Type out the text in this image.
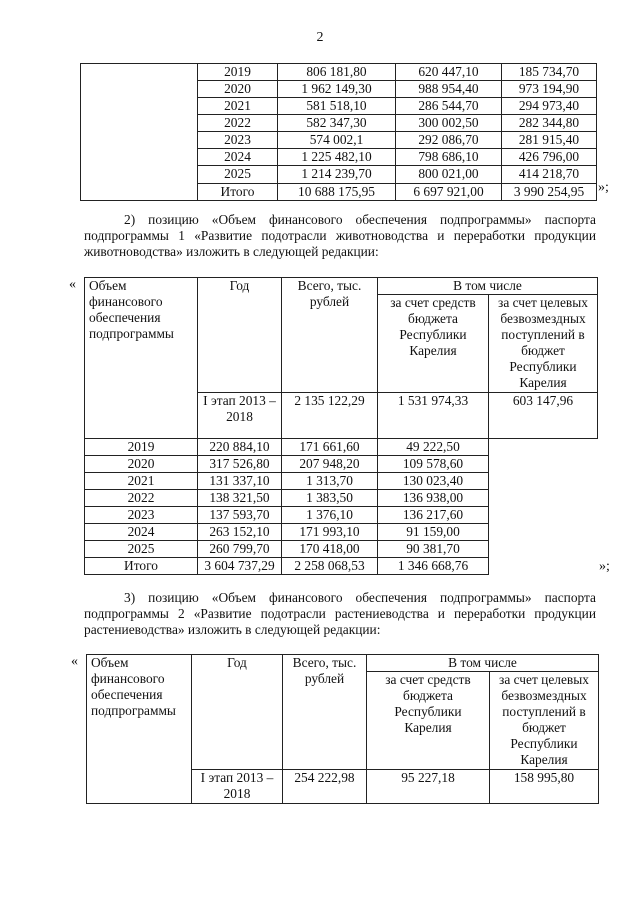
2
	2019	806 181,80	620 447,10	185 734,70
	2020	1 962 149,30	988 954,40	973 194,90
	2021	581 518,10	286 544,70	294 973,40
	2022	582 347,30	300 002,50	282 344,80
	2023	574 002,1	292 086,70	281 915,40
	2024	1 225 482,10	798 686,10	426 796,00
	2025	1 214 239,70	800 021,00	414 218,70
	Итого	10 688 175,95	6 697 921,00	3 990 254,95 »;
2) позицию «Объем финансового обеспечения подпрограммы» паспорта подпрограммы 1 «Развитие подотрасли животноводства и переработки продукции животноводства» изложить в следующей редакции:
« Объем финансового обеспечения подпрограммы	Год	Всего, тыс. рублей	В том числе	
			за счет средств бюджета Республики Карелия	за счет целевых безвозмездных поступлений в бюджет Республики Карелия
	I этап 2013 – 2018	2 135 122,29	1 531 974,33	603 147,96
2019	220 884,10	171 661,60	49 222,50	
2020	317 526,80	207 948,20	109 578,60	
2021	131 337,10	1 313,70	130 023,40	
2022	138 321,50	1 383,50	136 938,00	
2023	137 593,70	1 376,10	136 217,60	
2024	263 152,10	171 993,10	91 159,00	
2025	260 799,70	170 418,00	90 381,70	
Итого	3 604 737,29	2 258 068,53	1 346 668,76		»;
3) позицию «Объем финансового обеспечения подпрограммы» паспорта подпрограммы 2 «Развитие подотрасли растениеводства и переработки продукции растениеводства» изложить в следующей редакции:
« Объем финансового обеспечения подпрограммы	Год	Всего, тыс. рублей	В том числе	
			за счет средств бюджета Республики Карелия	за счет целевых безвозмездных поступлений в бюджет Республики Карелия
	I этап 2013 – 2018	254 222,98	95 227,18	158 995,80
